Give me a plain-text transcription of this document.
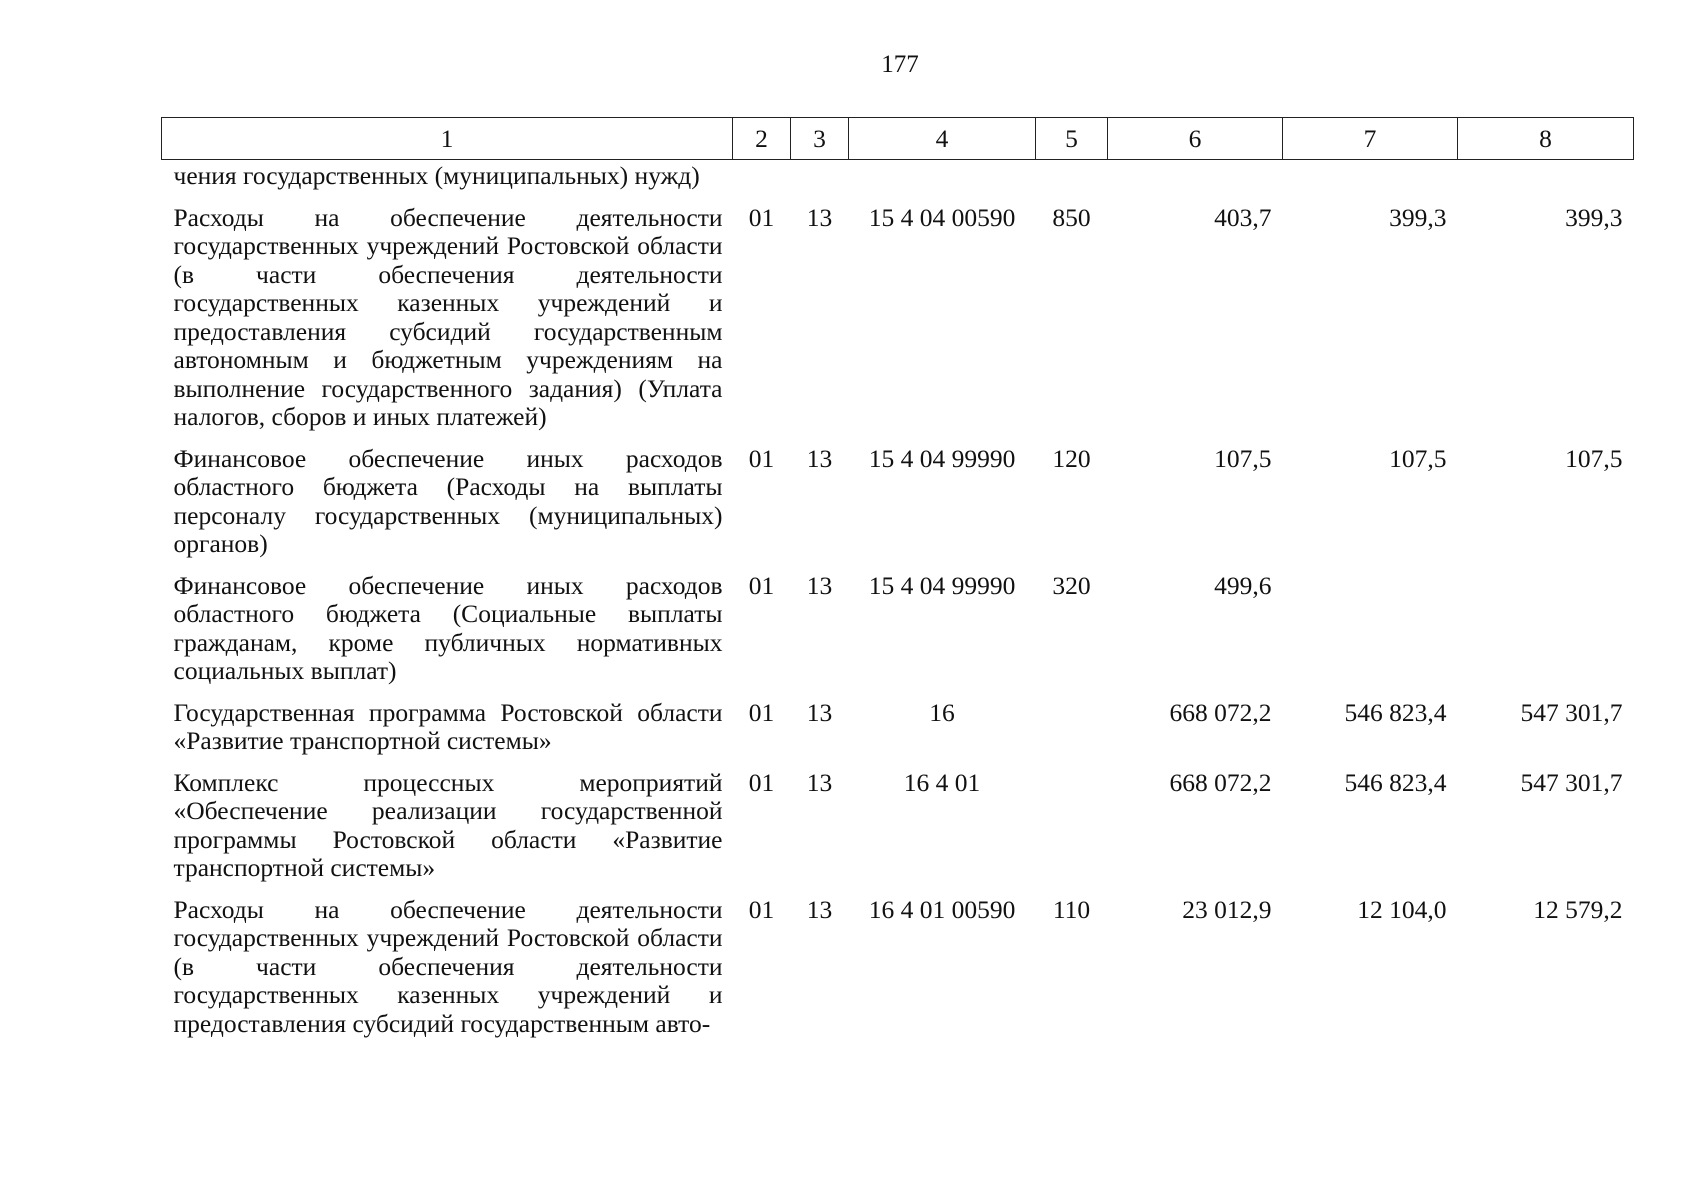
177
1	2	3	4	5	6	7	8
чения государственных (муниципальных) нужд)							
Расходы на обеспечение деятельности государственных учреждений Ростовской области (в части обеспечения деятельности государственных казенных учреждений и предоставления субсидий государственным автономным и бюджетным учреждениям на выполнение государственного задания) (Уплата налогов, сборов и иных платежей)	01	13	15 4 04 00590	850	403,7	399,3	399,3
Финансовое обеспечение иных расходов областного бюджета (Расходы на выплаты персоналу государственных (муниципальных) органов)	01	13	15 4 04 99990	120	107,5	107,5	107,5
Финансовое обеспечение иных расходов областного бюджета (Социальные выплаты гражданам, кроме публичных нормативных социальных выплат)	01	13	15 4 04 99990	320	499,6		
Государственная программа Ростовской области «Развитие транспортной системы»	01	13	16		668 072,2	546 823,4	547 301,7
Комплекс процессных мероприятий «Обеспечение реализации государственной программы Ростовской области «Развитие транспортной системы»	01	13	16 4 01		668 072,2	546 823,4	547 301,7
Расходы на обеспечение деятельности государственных учреждений Ростовской области (в части обеспечения деятельности государственных казенных учреждений и предоставления субсидий государственным авто-	01	13	16 4 01 00590	110	23 012,9	12 104,0	12 579,2
